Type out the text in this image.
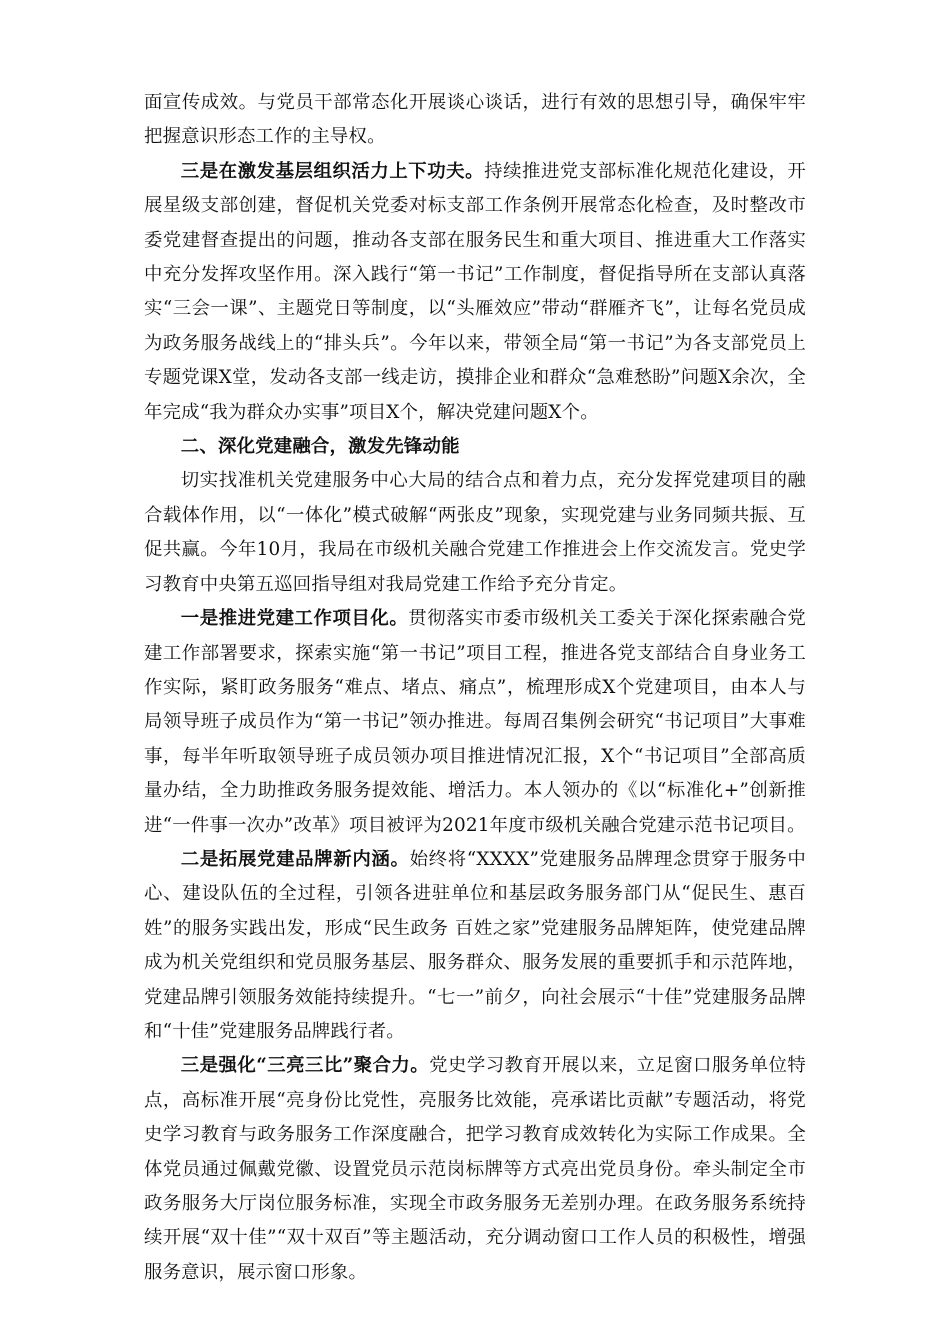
面宣传成效。与党员干部常态化开展谈心谈话，进行有效的思想引导，确保牢牢把握意识形态工作的主导权。

三是在激发基层组织活力上下功夫。持续推进党支部标准化规范化建设，开展星级支部创建，督促机关党委对标支部工作条例开展常态化检查，及时整改市委党建督查提出的问题，推动各支部在服务民生和重大项目、推进重大工作落实中充分发挥攻坚作用。深入践行“第一书记”工作制度，督促指导所在支部认真落实“三会一课”、主题党日等制度，以“头雁效应”带动“群雁齐飞”，让每名党员成为政务服务战线上的“排头兵”。今年以来，带领全局“第一书记”为各支部党员上专题党课X堂，发动各支部一线走访，摸排企业和群众“急难愁盼”问题X余次，全年完成“我为群众办实事”项目X个，解决党建问题X个。

二、深化党建融合，激发先锋动能

切实找准机关党建服务中心大局的结合点和着力点，充分发挥党建项目的融合载体作用，以“一体化”模式破解“两张皮”现象，实现党建与业务同频共振、互促共赢。今年10月，我局在市级机关融合党建工作推进会上作交流发言。党史学习教育中央第五巡回指导组对我局党建工作给予充分肯定。

一是推进党建工作项目化。贯彻落实市委市级机关工委关于深化探索融合党建工作部署要求，探索实施“第一书记”项目工程，推进各党支部结合自身业务工作实际，紧盯政务服务“难点、堵点、痛点”，梳理形成X个党建项目，由本人与局领导班子成员作为“第一书记”领办推进。每周召集例会研究“书记项目”大事难事，每半年听取领导班子成员领办项目推进情况汇报，X个“书记项目”全部高质量办结，全力助推政务服务提效能、增活力。本人领办的《以“标准化+”创新推进“一件事一次办”改革》项目被评为2021年度市级机关融合党建示范书记项目。

二是拓展党建品牌新内涵。始终将“XXXX”党建服务品牌理念贯穿于服务中心、建设队伍的全过程，引领各进驻单位和基层政务服务部门从“促民生、惠百姓”的服务实践出发，形成“民生政务 百姓之家”党建服务品牌矩阵，使党建品牌成为机关党组织和党员服务基层、服务群众、服务发展的重要抓手和示范阵地，党建品牌引领服务效能持续提升。“七一”前夕，向社会展示“十佳”党建服务品牌和“十佳”党建服务品牌践行者。

三是强化“三亮三比”聚合力。党史学习教育开展以来，立足窗口服务单位特点，高标准开展“亮身份比党性，亮服务比效能，亮承诺比贡献”专题活动，将党史学习教育与政务服务工作深度融合，把学习教育成效转化为实际工作成果。全体党员通过佩戴党徽、设置党员示范岗标牌等方式亮出党员身份。牵头制定全市政务服务大厅岗位服务标准，实现全市政务服务无差别办理。在政务服务系统持续开展“双十佳”“双十双百”等主题活动，充分调动窗口工作人员的积极性，增强服务意识，展示窗口形象。
